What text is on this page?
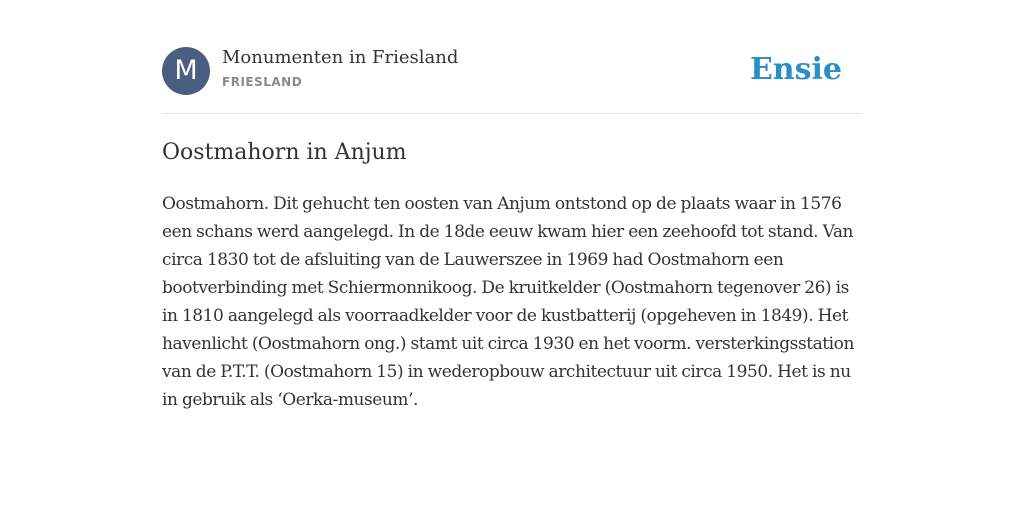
M	Monumenten in Friesland
FRIESLAND	Ensie
Oostmahorn in Anjum

Oostmahorn. Dit gehucht ten oosten van Anjum ontstond op de plaats waar in 1576 een schans werd aangelegd. In de 18de eeuw kwam hier een zeehoofd tot stand. Van circa 1830 tot de afsluiting van de Lauwerszee in 1969 had Oostmahorn een bootverbinding met Schiermonnikoog. De kruitkelder (Oostmahorn tegenover 26) is in 1810 aangelegd als voorraadkelder voor de kustbatterij (opgeheven in 1849). Het havenlicht (Oostmahorn ong.) stamt uit circa 1930 en het voorm. versterkingsstation van de P.T.T. (Oostmahorn 15) in wederopbouw architectuur uit circa 1950. Het is nu in gebruik als ‘Oerka-museum’.
